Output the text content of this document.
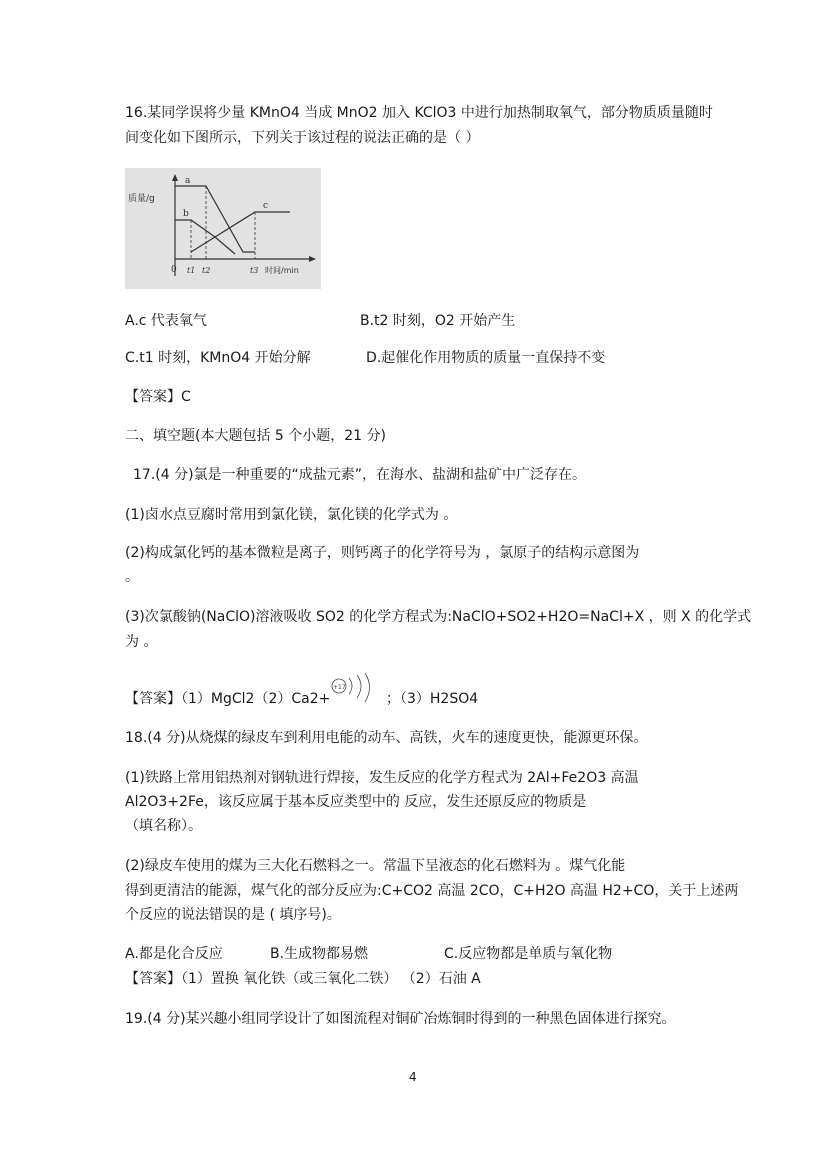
16.某同学误将少量 KMnO4 当成 MnO2 加入 KClO3 中进行加热制取氧气，部分物质质量随时
间变化如下图所示，下列关于该过程的说法正确的是（ ）
质量/g
a
b
c
0 t1 t2	t3 时间/min
A.c 代表氧气	B.t2 时刻，O2 开始产生
C.t1 时刻，KMnO4 开始分解	D.起催化作用物质的质量一直保持不变
【答案】C
二、填空题(本大题包括 5 个小题，21 分)
17.(4 分)氯是一种重要的“成盐元素”，在海水、盐湖和盐矿中广泛存在。
(1)卤水点豆腐时常用到氯化镁，氯化镁的化学式为 。
(2)构成氯化钙的基本微粒是离子，则钙离子的化学符号为 ，氯原子的结构示意图为
。
(3)次氯酸钠(NaClO)溶液吸收 SO2 的化学方程式为:NaClO+SO2+H2O=NaCl+X ，则 X 的化学式
为 。
【答案】（1）MgCl2（2）Ca2+
+17
；（3）H2SO4
18.(4 分)从烧煤的绿皮车到利用电能的动车、高铁，火车的速度更快，能源更环保。
(1)铁路上常用铝热剂对钢轨进行焊接，发生反应的化学方程式为 2Al+Fe2O3 高温
Al2O3+2Fe，该反应属于基本反应类型中的 反应，发生还原反应的物质是
（填名称）。
(2)绿皮车使用的煤为三大化石燃料之一。常温下呈液态的化石燃料为 。煤气化能
得到更清洁的能源，煤气化的部分反应为:C+CO2 高温 2CO，C+H2O 高温 H2+CO，关于上述两
个反应的说法错误的是 ( 填序号)。
A.都是化合反应	B.生成物都易燃	C.反应物都是单质与氧化物
【答案】（1）置换 氧化铁（或三氧化二铁） （2）石油 A
19.(4 分)某兴趣小组同学设计了如图流程对铜矿冶炼铜时得到的一种黑色固体进行探究。
4
